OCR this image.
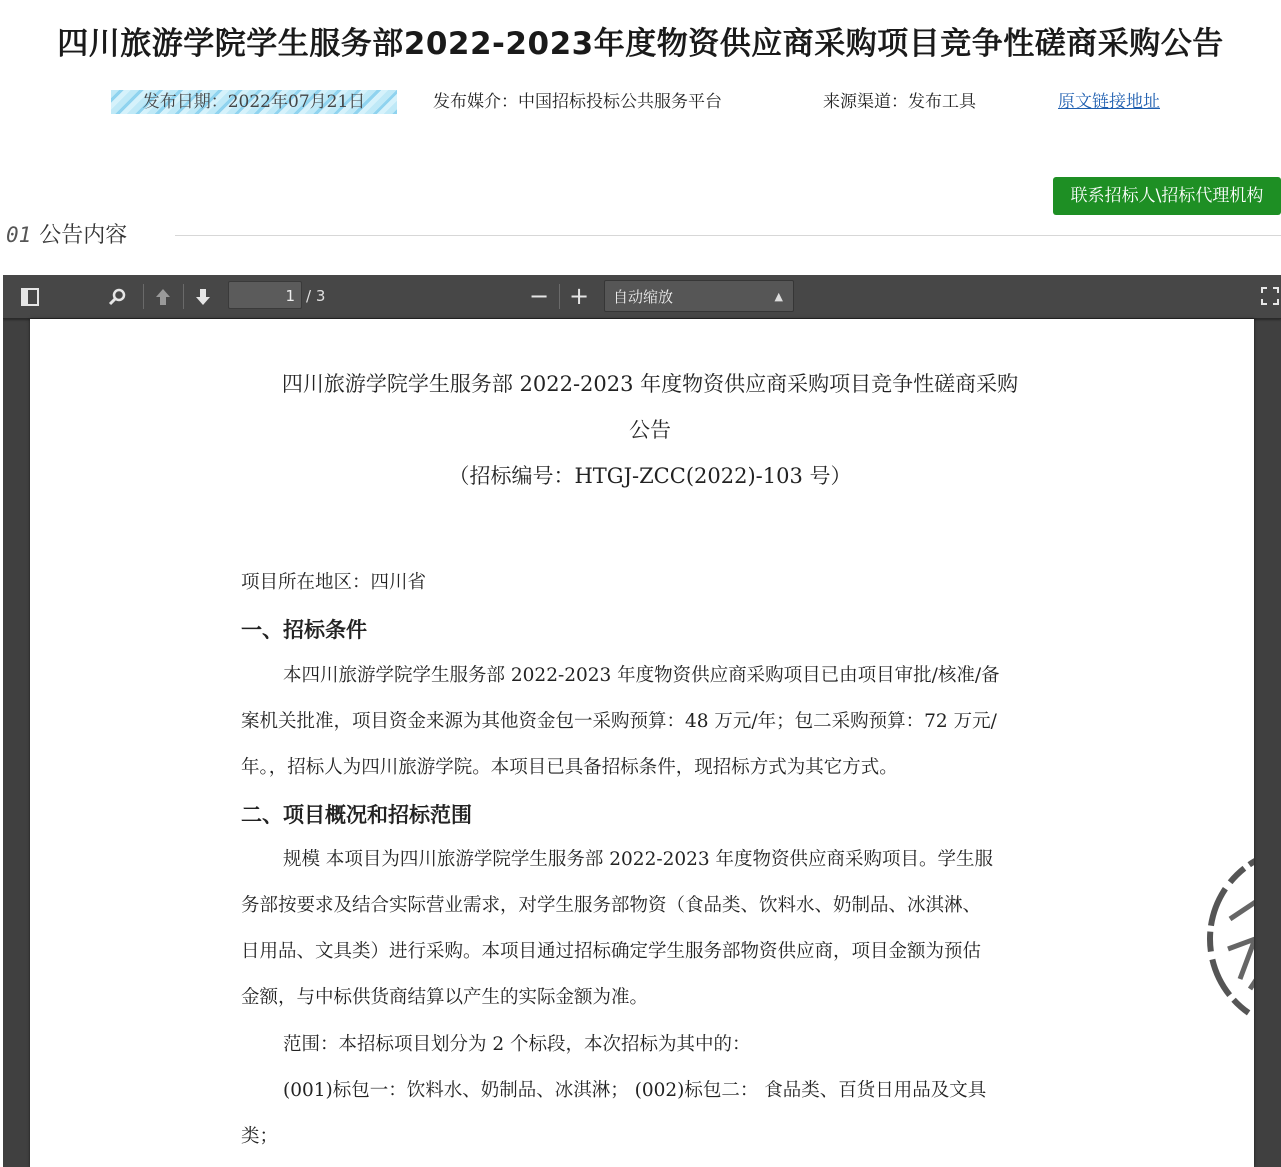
四川旅游学院学生服务部2022-2023年度物资供应商采购项目竞争性磋商采购公告
发布日期：2022年07月21日	发布媒介：中国招标投标公共服务平台	来源渠道：发布工具	原文链接地址
联系招标人\招标代理机构
01 公告内容
1 / 3	− +	自动缩放	▲

四川旅游学院学生服务部 2022-2023 年度物资供应商采购项目竞争性磋商采购
公告
（招标编号：HTGJ-ZCC(2022)-103 号）
项目所在地区：四川省
一、招标条件
本四川旅游学院学生服务部 2022-2023 年度物资供应商采购项目已由项目审批/核准/备
案机关批准，项目资金来源为其他资金包一采购预算：48 万元/年；包二采购预算：72 万元/
年。，招标人为四川旅游学院。本项目已具备招标条件，现招标方式为其它方式。
二、项目概况和招标范围
规模 本项目为四川旅游学院学生服务部 2022-2023 年度物资供应商采购项目。学生服
务部按要求及结合实际营业需求，对学生服务部物资（食品类、饮料水、奶制品、冰淇淋、
日用品、文具类）进行采购。本项目通过招标确定学生服务部物资供应商，项目金额为预估
金额，与中标供货商结算以产生的实际金额为准。
范围：本招标项目划分为 2 个标段，本次招标为其中的：
(001)标包一：饮料水、奶制品、冰淇淋； (002)标包二： 食品类、百货日用品及文具
类；
